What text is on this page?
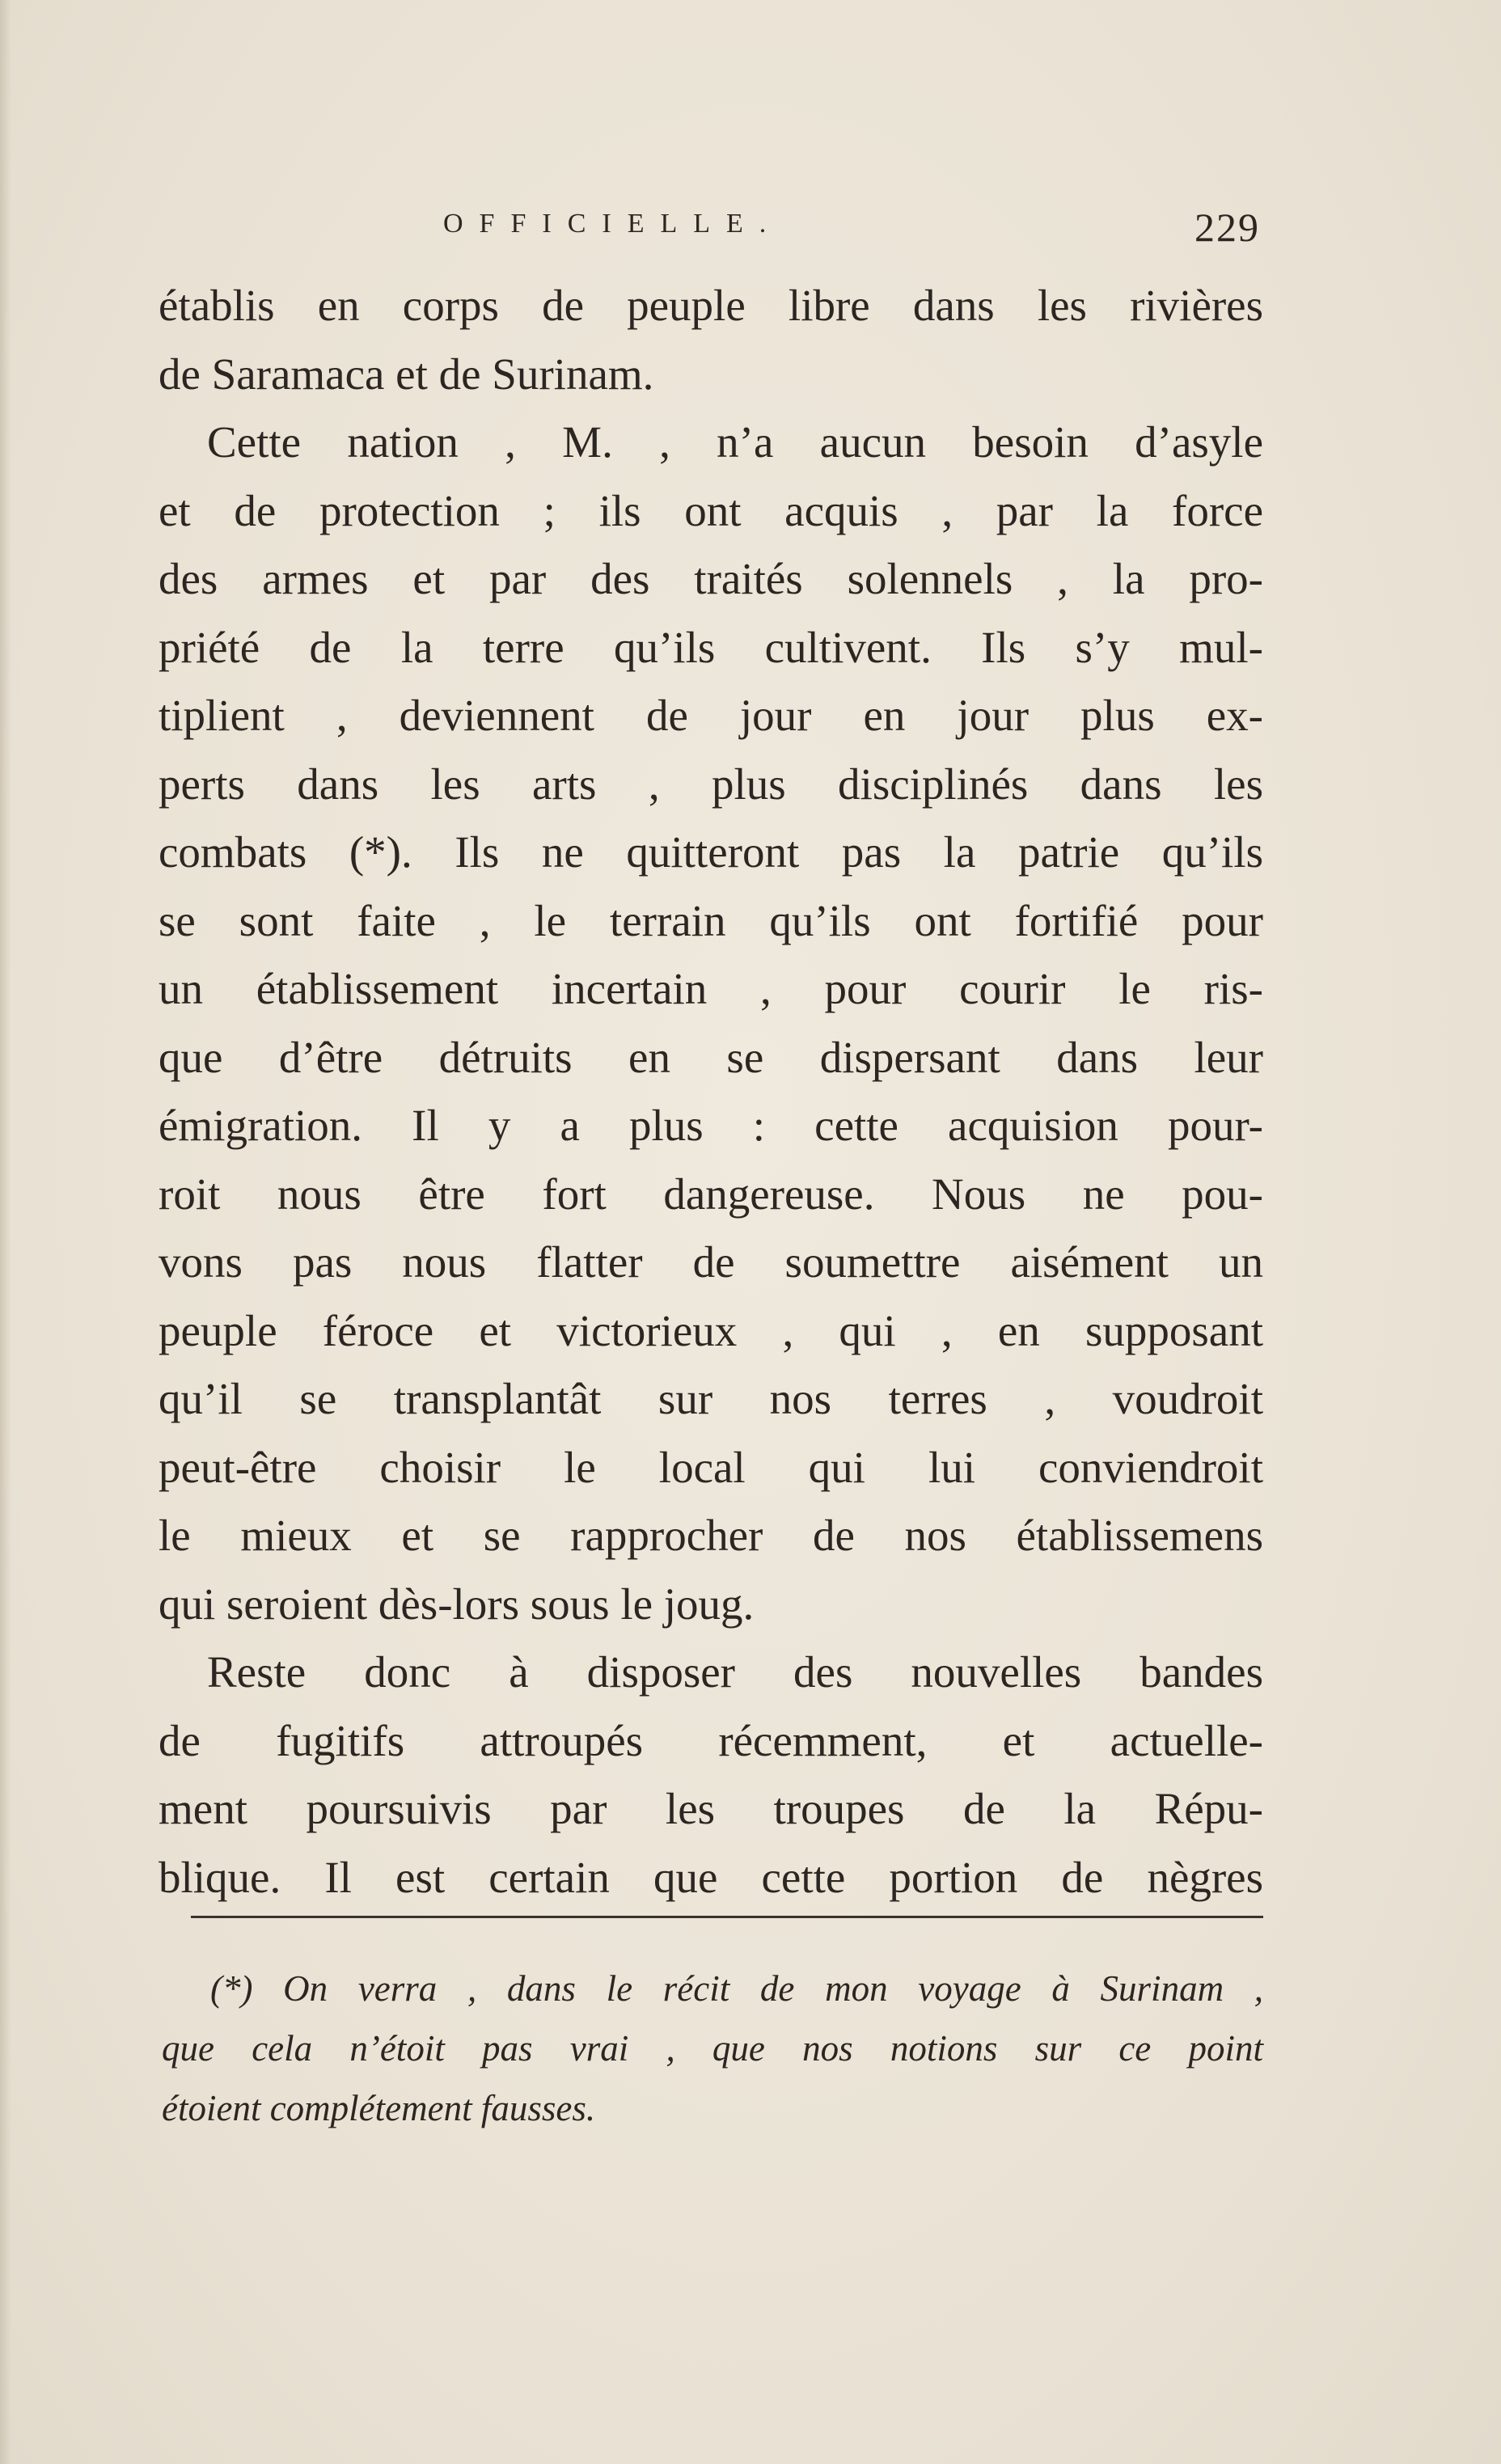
OFFICIELLE.	229
établis en corps de peuple libre dans les rivières
de Saramaca et de Surinam.
Cette nation , M. , n’a aucun besoin d’asyle
et de protection ; ils ont acquis , par la force
des armes et par des traités solennels , la pro-
priété de la terre qu’ils cultivent. Ils s’y mul-
tiplient , deviennent de jour en jour plus ex-
perts dans les arts , plus disciplinés dans les
combats (*). Ils ne quitteront pas la patrie qu’ils
se sont faite , le terrain qu’ils ont fortifié pour
un établissement incertain , pour courir le ris-
que d’être détruits en se dispersant dans leur
émigration. Il y a plus : cette acquision pour-
roit nous être fort dangereuse. Nous ne pou-
vons pas nous flatter de soumettre aisément un
peuple féroce et victorieux , qui , en supposant
qu’il se transplantât sur nos terres , voudroit
peut-être choisir le local qui lui conviendroit
le mieux et se rapprocher de nos établissemens
qui seroient dès-lors sous le joug.
Reste donc à disposer des nouvelles bandes
de fugitifs attroupés récemment, et actuelle-
ment poursuivis par les troupes de la Répu-
blique. Il est certain que cette portion de nègres
(*) On verra , dans le récit de mon voyage à Surinam ,
que cela n’étoit pas vrai , que nos notions sur ce point
étoient complétement fausses.
